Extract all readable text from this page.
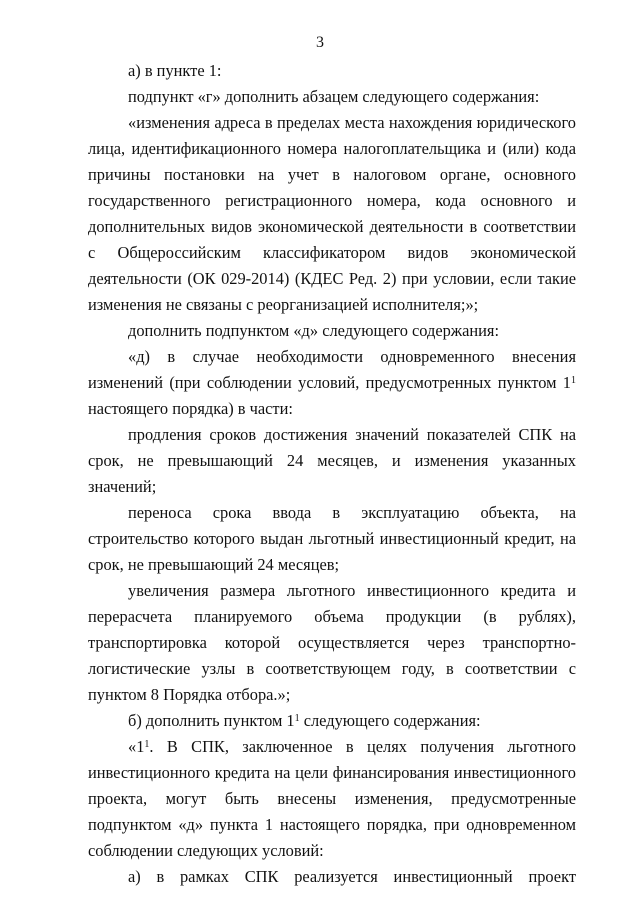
3

а) в пункте 1:

подпункт «г» дополнить абзацем следующего содержания:

«изменения адреса в пределах места нахождения юридического лица, идентификационного номера налогоплательщика и (или) кода причины постановки на учет в налоговом органе, основного государственного регистрационного номера, кода основного и дополнительных видов экономической деятельности в соответствии с Общероссийским классификатором видов экономической деятельности (ОК 029-2014) (КДЕС Ред. 2) при условии, если такие изменения не связаны с реорганизацией исполнителя;»;

дополнить подпунктом «д» следующего содержания:

«д) в случае необходимости одновременного внесения изменений (при соблюдении условий, предусмотренных пунктом $1^1$ настоящего порядка) в части:

продления сроков достижения значений показателей СПК на срок, не превышающий 24 месяцев, и изменения указанных значений;

переноса срока ввода в эксплуатацию объекта, на строительство которого выдан льготный инвестиционный кредит, на срок, не превышающий 24 месяцев;

увеличения размера льготного инвестиционного кредита и перерасчета планируемого объема продукции (в рублях), транспортировка которой осуществляется через транспортно-логистические узлы в соответствующем году, в соответствии с пунктом 8 Порядка отбора.»;

б) дополнить пунктом $1^1$ следующего содержания:

«$1^1$. В СПК, заключенное в целях получения льготного инвестиционного кредита на цели финансирования инвестиционного проекта, могут быть внесены изменения, предусмотренные подпунктом «д» пункта 1 настоящего порядка, при одновременном соблюдении следующих условий:

а) в рамках СПК реализуется инвестиционный проект
